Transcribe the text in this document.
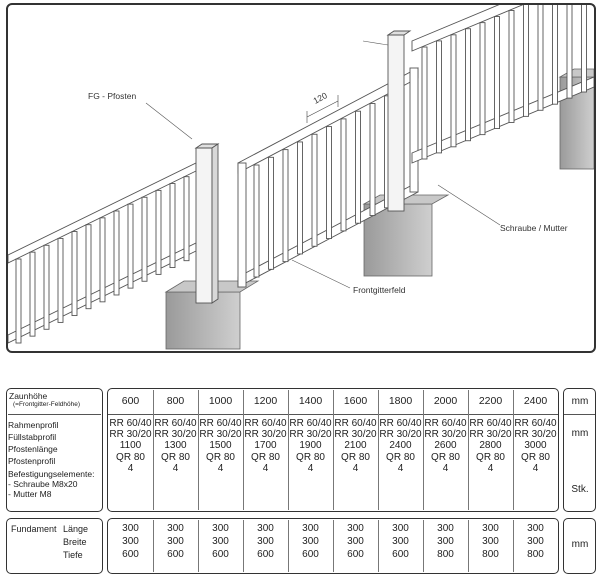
FG - Pfosten	120
Schraube / Mutter
Frontgitterfeld
Zaunhöhe
(=Frontgitter-Feldhöhe)
Rahmenprofil
Füllstabprofil
Pfostenlänge
Pfostenprofil
Befestigungselemente:
- Schraube M8x20
- Mutter M8
600
RR 60/40
RR 30/20
1100
QR 80
4
800
RR 60/40
RR 30/20
1300
QR 80
4
1000
RR 60/40
RR 30/20
1500
QR 80
4
1200
RR 60/40
RR 30/20
1700
QR 80
4
1400
RR 60/40
RR 30/20
1900
QR 80
4
1600
RR 60/40
RR 30/20
2100
QR 80
4
1800
RR 60/40
RR 30/20
2400
QR 80
4
2000
RR 60/40
RR 30/20
2600
QR 80
4
2200
RR 60/40
RR 30/20
2800
QR 80
4
2400
RR 60/40
RR 30/20
3000
QR 80
4
mm
mm
Stk.
Fundament Länge
Breite
Tiefe
300
300
600
300
300
600
300
300
600
300
300
600
300
300
600
300
300
600
300
300
600
300
300
800
300
300
800
300
300
800
mm
